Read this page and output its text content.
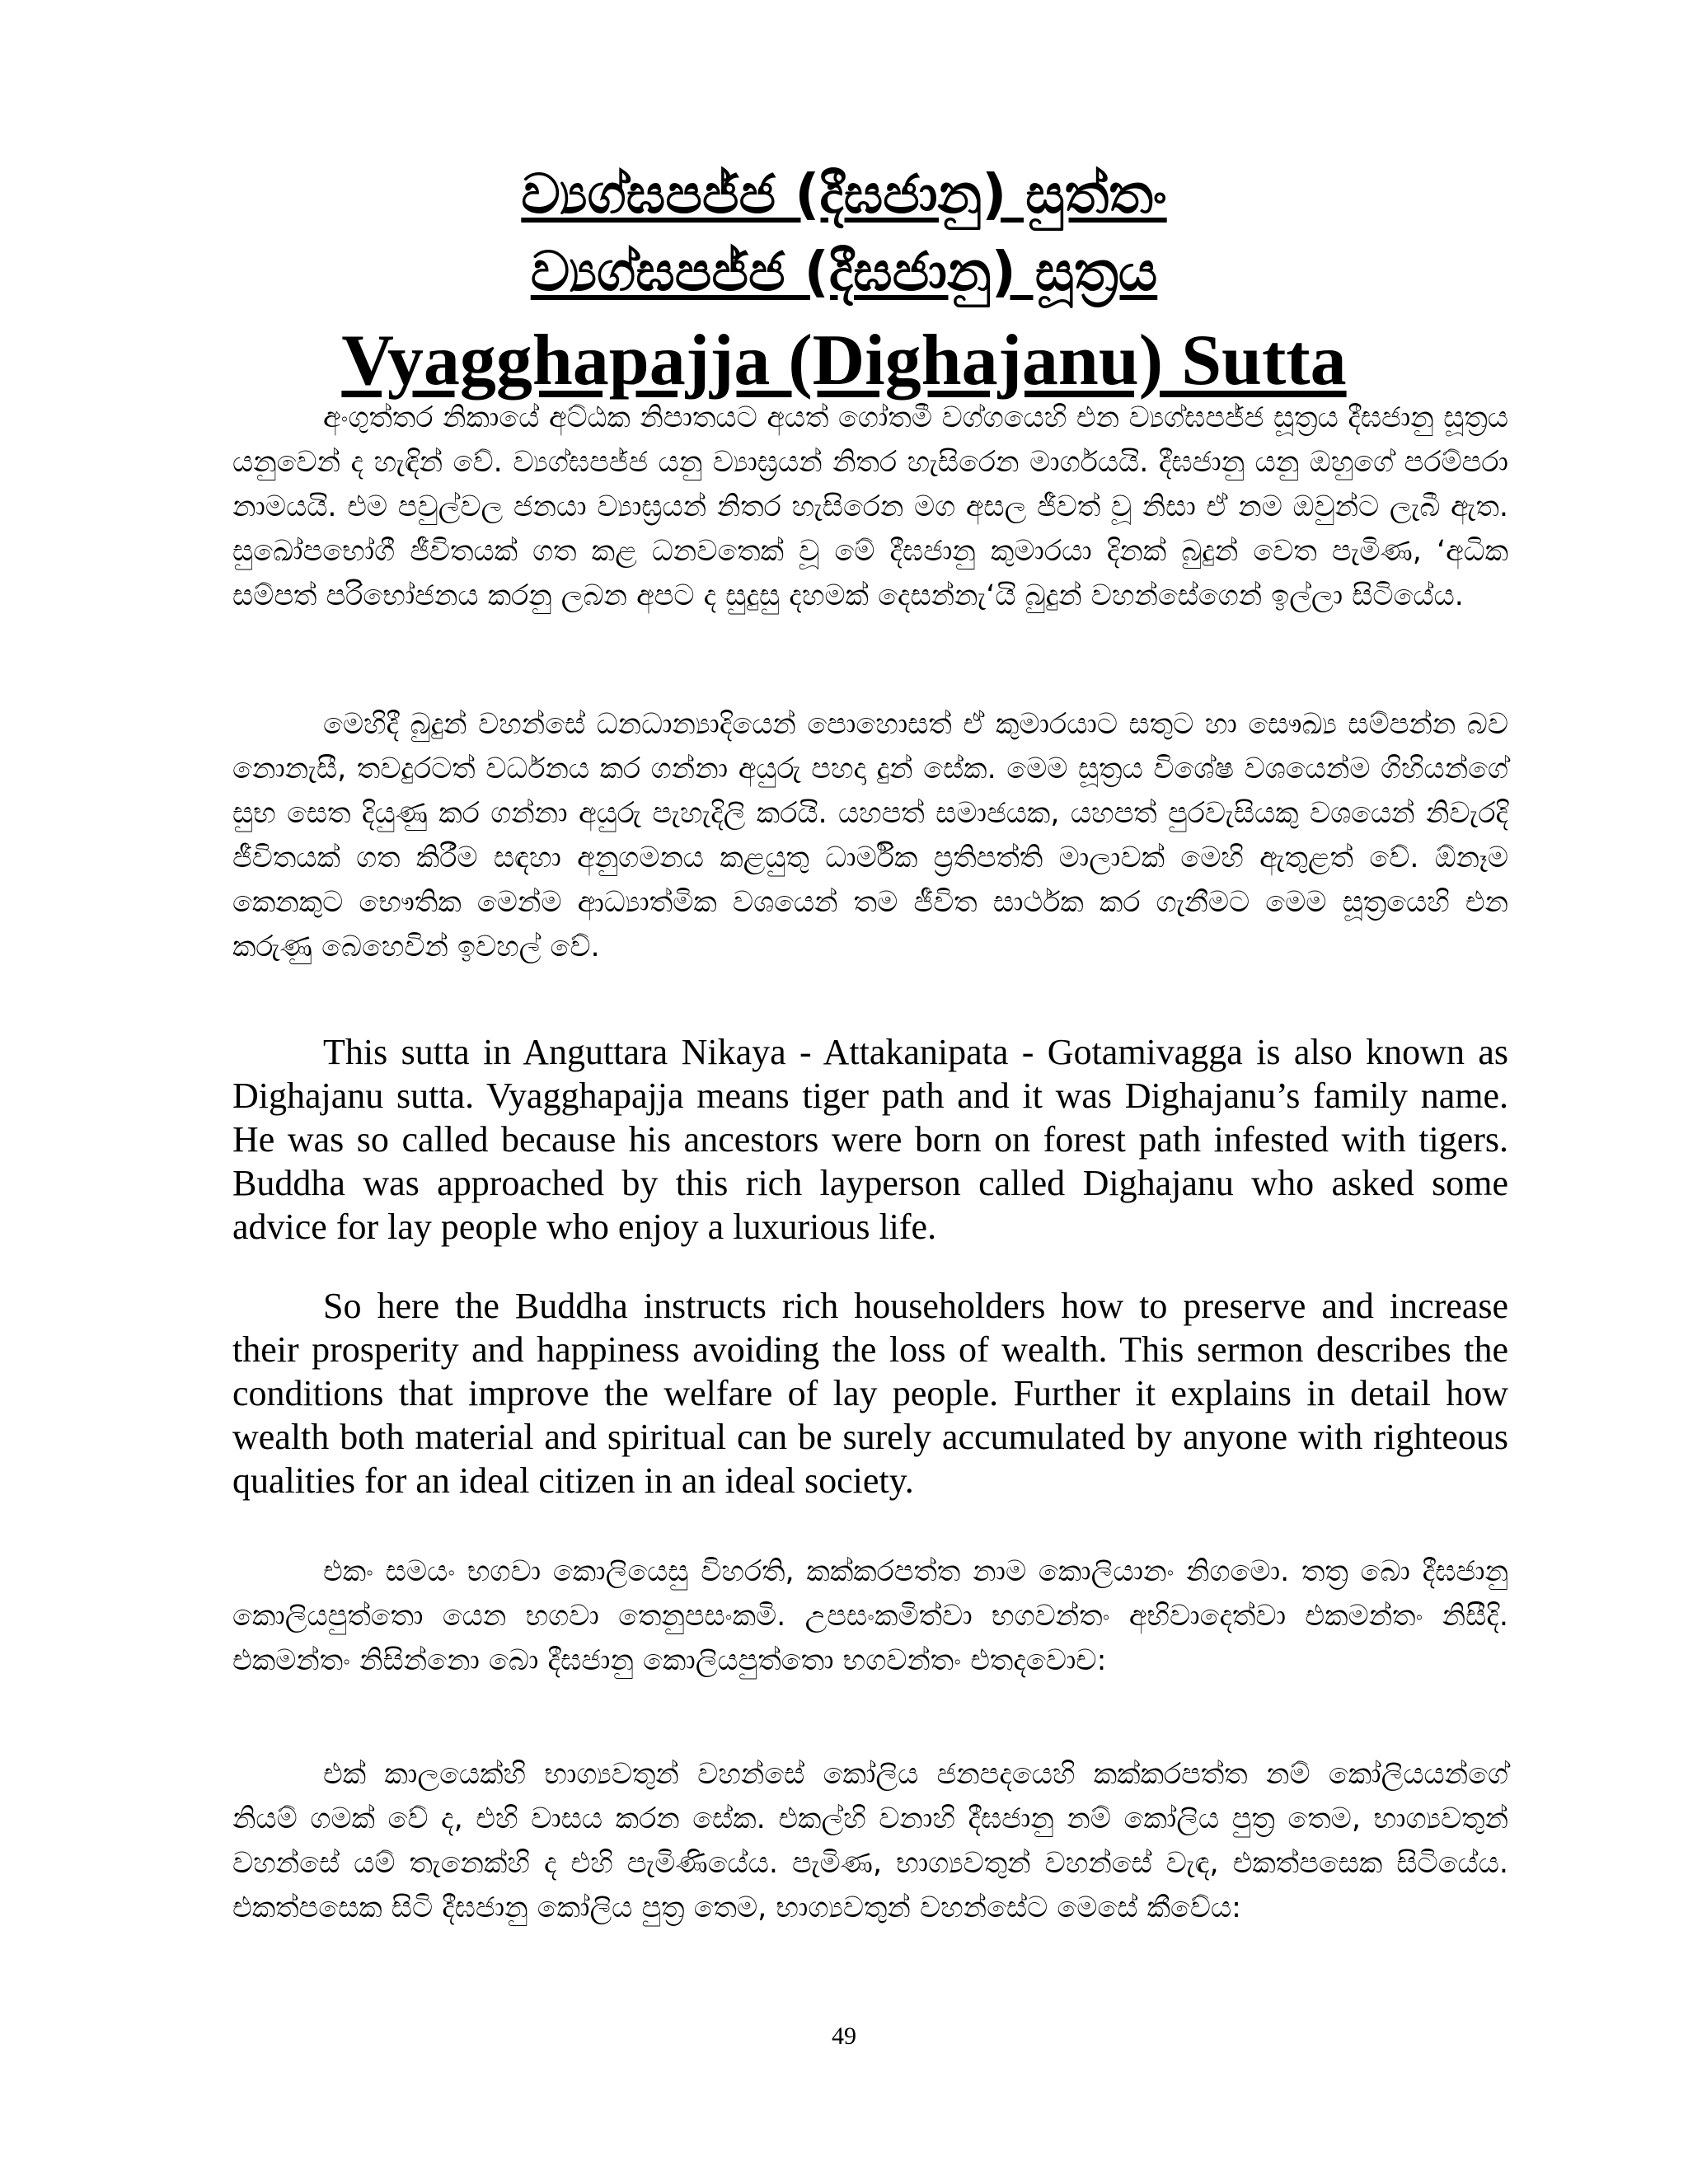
ව්‍යග්ඝපජ්ජ (දීඝජානු) සුත්තං
ව්‍යග්ඝපජ්ජ (දීඝජානු) සූත්‍රය
Vyagghapajja (Dighajanu) Sutta

අංගුත්තර නිකායේ අට්ඨක නිපාතයට අයත් ගෝතමී වග්ගයෙහි එන ව්‍යග්ඝපජ්ජ සූත්‍රය දීඝජානු සූත්‍රය යනුවෙන් ද හැඳින් වේ. ව්‍යග්ඝපජ්ජ යනු ව්‍යාඝ්‍රයන් නිතර හැසිරෙන මාර්ගයයි. දීඝජානු යනු ඔහුගේ පරම්පරා නාමයයි. එම පවුල්වල ජනයා ව්‍යාඝ්‍රයන් නිතර හැසිරෙන මග අසල ජීවත් වූ නිසා ඒ නම ඔවුන්ට ලැබී ඇත. සුඛෝපභෝගී ජීවිතයක් ගත කළ ධනවතෙක් වූ මේ දීඝජානු කුමාරයා දිනක් බුදුන් වෙත පැමිණ, ‘අධික සම්පත් පරිභෝජනය කරනු ලබන අපට ද සුදුසු දහමක් දෙසන්නැ‘යි බුදුන් වහන්සේගෙන් ඉල්ලා සිටියේය.

මෙහිදී බුදුන් වහන්සේ ධනධාන්‍යාදියෙන් පොහොසත් ඒ කුමාරයාට සතුට හා සෞඛ්‍ය සම්පන්න බව නොනැසී, තවදුරටත් වර්ධනය කර ගන්නා අයුරු පහදා දුන් සේක. මෙම සූත්‍රය විශේෂ වශයෙන්ම ගිහියන්ගේ සුභ සෙත දියුණු කර ගන්නා අයුරු පැහැදිලි කරයි. යහපත් සමාජයක, යහපත් පුරවැසියකු වශයෙන් නිවැරදි ජීවිතයක් ගත කිරීම සඳහා අනුගමනය කළයුතු ධාර්මික ප්‍රතිපත්ති මාලාවක් මෙහි ඇතුළත් වේ. ඕනෑම කෙනකුට භෞතික මෙන්ම ආධ්‍යාත්මික වශයෙන් තම ජීවිත සාර්ථක කර ගැනීමට මෙම සූත්‍රයෙහි එන කරුණු බෙහෙවින් ඉවහල් වේ.

This sutta in Anguttara Nikaya - Attakanipata - Gotamivagga is also known as Dighajanu sutta. Vyagghapajja means tiger path and it was Dighajanu’s family name. He was so called because his ancestors were born on forest path infested with tigers. Buddha was approached by this rich layperson called Dighajanu who asked some advice for lay people who enjoy a luxurious life.

So here the Buddha instructs rich householders how to preserve and increase their prosperity and happiness avoiding the loss of wealth. This sermon describes the conditions that improve the welfare of lay people. Further it explains in detail how wealth both material and spiritual can be surely accumulated by anyone with righteous qualities for an ideal citizen in an ideal society.

එකං සමයං භගවා කොලියෙසු විහරති, කක්කරපත්ත නාම කොලියානං නිගමො. තත්‍ර බො දීඝජානු කොලියපුත්තො යෙන භගවා තෙනුපසංකමි. උපසංකමිත්වා භගවන්තං අභිවාදෙත්වා එකමන්තං නිසීදි. එකමන්තං නිසින්නො බො දීඝජානු කොලියපුත්තො භගවන්තං එතදවොච:

එක් කාලයෙක්හි භාග්‍යවතුන් වහන්සේ කෝලිය ජනපදයෙහි කක්කරපත්ත නම් කෝලියයන්ගේ නියම් ගමක් වේ ද, එහි වාසය කරන සේක. එකල්හි වනාහි දීඝජානු නම් කෝලිය පුත්‍ර තෙම, භාග්‍යවතුන් වහන්සේ යම් තැනෙක්හි ද එහි පැමිණියේය. පැමිණ, භාග්‍යවතුන් වහන්සේ වැඳ, එකත්පසෙක සිටියේය. එකත්පසෙක සිටි දීඝජානු කෝලිය පුත්‍ර තෙම, භාග්‍යවතුන් වහන්සේට මෙසේ කීවේය:

49
